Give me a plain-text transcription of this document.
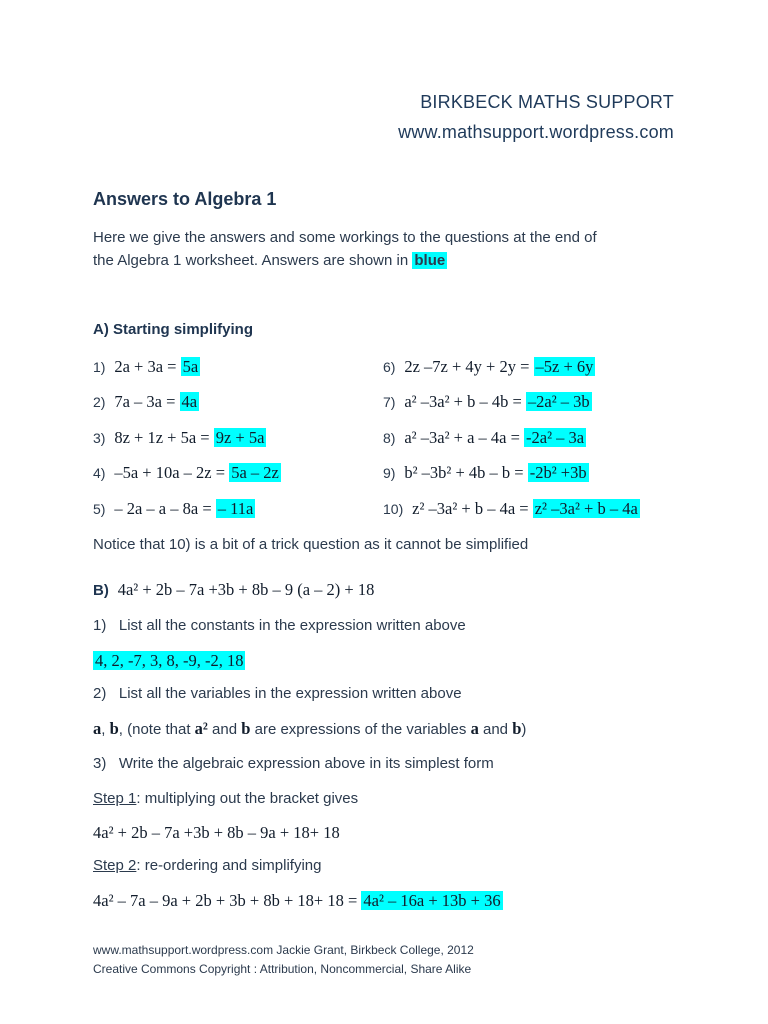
BIRKBECK MATHS SUPPORT
www.mathsupport.wordpress.com
Answers to Algebra 1
Here we give the answers and some workings to the questions at the end of
the Algebra 1 worksheet. Answers are shown in blue
A) Starting simplifying
1) 2a + 3a = 5a
2) 7a – 3a = 4a
3) 8z + 1z + 5a = 9z + 5a
4) –5a + 10a – 2z = 5a – 2z
5) – 2a – a – 8a = – 11a
6) 2z –7z + 4y + 2y = –5z + 6y
7) a² –3a² + b – 4b = –2a² – 3b
8) a² –3a² + a – 4a = -2a² – 3a
9) b² –3b² + 4b – b = -2b² +3b
10) z² –3a² + b – 4a = z² –3a² + b – 4a
Notice that 10) is a bit of a trick question as it cannot be simplified
B) 4a² + 2b – 7a +3b + 8b – 9 (a – 2) + 18
1) List all the constants in the expression written above
4, 2, -7, 3, 8, -9, -2, 18
2) List all the variables in the expression written above
a, b, (note that a² and b are expressions of the variables a and b)
3) Write the algebraic expression above in its simplest form
Step 1: multiplying out the bracket gives
4a² + 2b – 7a +3b + 8b – 9a + 18+ 18
Step 2: re-ordering and simplifying
4a² – 7a – 9a + 2b + 3b + 8b + 18+ 18 = 4a² – 16a + 13b + 36
www.mathsupport.wordpress.com Jackie Grant, Birkbeck College, 2012
Creative Commons Copyright : Attribution, Noncommercial, Share Alike
